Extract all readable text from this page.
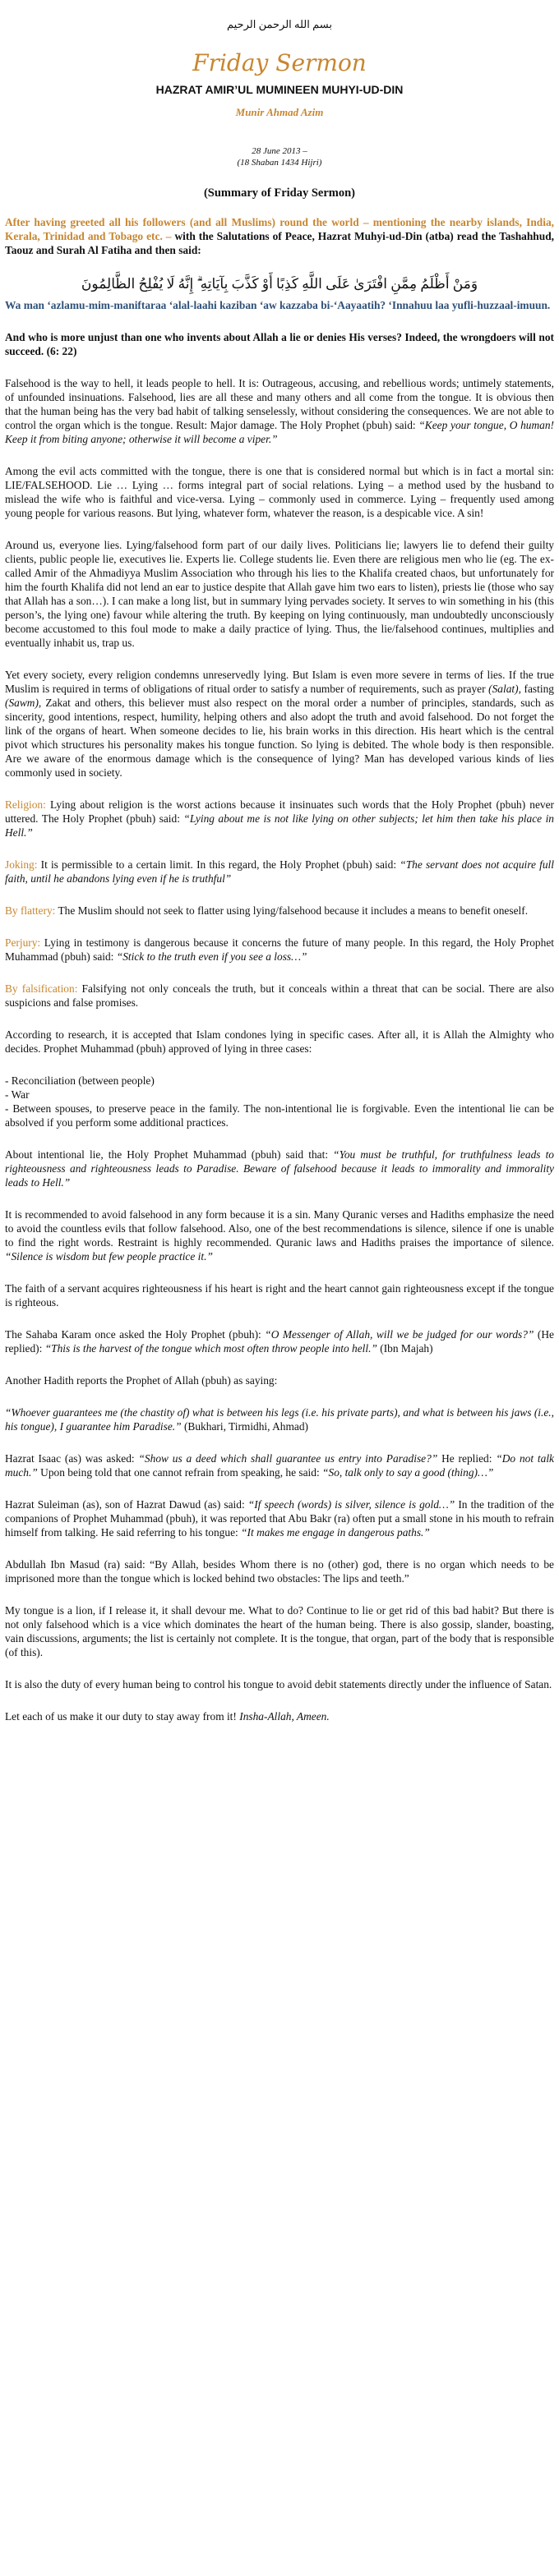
بسم الله الرحمن الرحيم
Friday Sermon
HAZRAT AMIR’UL MUMINEEN MUHYI-UD-DIN
Munir Ahmad Azim
28 June 2013 –
(18 Shaban 1434 Hijri)
(Summary of Friday Sermon)

After having greeted all his followers (and all Muslims) round the world – mentioning the nearby islands, India, Kerala, Trinidad and Tobago etc. – with the Salutations of Peace, Hazrat Muhyi-ud-Din (atba) read the Tashahhud, Taouz and Surah Al Fatiha and then said:

وَمَنْ أَظْلَمُ مِمَّنِ افْتَرَىٰ عَلَى اللَّهِ كَذِبًا أَوْ كَذَّبَ بِآيَاتِهِ ۗ إِنَّهُ لَا يُفْلِحُ الظَّالِمُونَ
Wa man ‘azlamu-mim-maniftaraa ‘alal-laahi kaziban ‘aw kazzaba bi-‘Aayaatih? ‘Innahuu laa yufli-huzzaal-imuun.

And who is more unjust than one who invents about Allah a lie or denies His verses? Indeed, the wrongdoers will not succeed. (6: 22)

Falsehood is the way to hell, it leads people to hell. It is: Outrageous, accusing, and rebellious words; untimely statements, of unfounded insinuations. Falsehood, lies are all these and many others and all come from the tongue. It is obvious then that the human being has the very bad habit of talking senselessly, without considering the consequences. We are not able to control the organ which is the tongue. Result: Major damage. The Holy Prophet (pbuh) said: “Keep your tongue, O human! Keep it from biting anyone; otherwise it will become a viper.”

Among the evil acts committed with the tongue, there is one that is considered normal but which is in fact a mortal sin: LIE/FALSEHOOD. Lie … Lying … forms integral part of social relations. Lying – a method used by the husband to mislead the wife who is faithful and vice-versa. Lying – commonly used in commerce. Lying – frequently used among young people for various reasons. But lying, whatever form, whatever the reason, is a despicable vice. A sin!

Around us, everyone lies. Lying/falsehood form part of our daily lives. Politicians lie; lawyers lie to defend their guilty clients, public people lie, executives lie. Experts lie. College students lie. Even there are religious men who lie (eg. The ex-called Amir of the Ahmadiyya Muslim Association who through his lies to the Khalifa created chaos, but unfortunately for him the fourth Khalifa did not lend an ear to justice despite that Allah gave him two ears to listen), priests lie (those who say that Allah has a son…). I can make a long list, but in summary lying pervades society. It serves to win something in his (this person’s, the lying one) favour while altering the truth. By keeping on lying continuously, man undoubtedly unconsciously become accustomed to this foul mode to make a daily practice of lying. Thus, the lie/falsehood continues, multiplies and eventually inhabit us, trap us.

Yet every society, every religion condemns unreservedly lying. But Islam is even more severe in terms of lies. If the true Muslim is required in terms of obligations of ritual order to satisfy a number of requirements, such as prayer (Salat), fasting (Sawm), Zakat and others, this believer must also respect on the moral order a number of principles, standards, such as sincerity, good intentions, respect, humility, helping others and also adopt the truth and avoid falsehood. Do not forget the link of the organs of heart. When someone decides to lie, his brain works in this direction. His heart which is the central pivot which structures his personality makes his tongue function. So lying is debited. The whole body is then responsible. Are we aware of the enormous damage which is the consequence of lying? Man has developed various kinds of lies commonly used in society.

Religion: Lying about religion is the worst actions because it insinuates such words that the Holy Prophet (pbuh) never uttered. The Holy Prophet (pbuh) said: “Lying about me is not like lying on other subjects; let him then take his place in Hell.”

Joking: It is permissible to a certain limit. In this regard, the Holy Prophet (pbuh) said: “The servant does not acquire full faith, until he abandons lying even if he is truthful”

By flattery: The Muslim should not seek to flatter using lying/falsehood because it includes a means to benefit oneself.

Perjury: Lying in testimony is dangerous because it concerns the future of many people. In this regard, the Holy Prophet Muhammad (pbuh) said: “Stick to the truth even if you see a loss…”

By falsification: Falsifying not only conceals the truth, but it conceals within a threat that can be social. There are also suspicions and false promises.

According to research, it is accepted that Islam condones lying in specific cases. After all, it is Allah the Almighty who decides. Prophet Muhammad (pbuh) approved of lying in three cases:

- Reconciliation (between people)

- War

- Between spouses, to preserve peace in the family. The non-intentional lie is forgivable. Even the intentional lie can be absolved if you perform some additional practices.

About intentional lie, the Holy Prophet Muhammad (pbuh) said that: “You must be truthful, for truthfulness leads to righteousness and righteousness leads to Paradise. Beware of falsehood because it leads to immorality and immorality leads to Hell.”

It is recommended to avoid falsehood in any form because it is a sin. Many Quranic verses and Hadiths emphasize the need to avoid the countless evils that follow falsehood. Also, one of the best recommendations is silence, silence if one is unable to find the right words. Restraint is highly recommended. Quranic laws and Hadiths praises the importance of silence. “Silence is wisdom but few people practice it.”

The faith of a servant acquires righteousness if his heart is right and the heart cannot gain righteousness except if the tongue is righteous.

The Sahaba Karam once asked the Holy Prophet (pbuh): “O Messenger of Allah, will we be judged for our words?” (He replied): “This is the harvest of the tongue which most often throw people into hell.” (Ibn Majah)

Another Hadith reports the Prophet of Allah (pbuh) as saying:

“Whoever guarantees me (the chastity of) what is between his legs (i.e. his private parts), and what is between his jaws (i.e., his tongue), I guarantee him Paradise.” (Bukhari, Tirmidhi, Ahmad)

Hazrat Isaac (as) was asked: “Show us a deed which shall guarantee us entry into Paradise?” He replied: “Do not talk much.” Upon being told that one cannot refrain from speaking, he said: “So, talk only to say a good (thing)…”

Hazrat Suleiman (as), son of Hazrat Dawud (as) said: “If speech (words) is silver, silence is gold…” In the tradition of the companions of Prophet Muhammad (pbuh), it was reported that Abu Bakr (ra) often put a small stone in his mouth to refrain himself from talking. He said referring to his tongue: “It makes me engage in dangerous paths.”

Abdullah Ibn Masud (ra) said: “By Allah, besides Whom there is no (other) god, there is no organ which needs to be imprisoned more than the tongue which is locked behind two obstacles: The lips and teeth.”

My tongue is a lion, if I release it, it shall devour me. What to do? Continue to lie or get rid of this bad habit? But there is not only falsehood which is a vice which dominates the heart of the human being. There is also gossip, slander, boasting, vain discussions, arguments; the list is certainly not complete. It is the tongue, that organ, part of the body that is responsible (of this).

It is also the duty of every human being to control his tongue to avoid debit statements directly under the influence of Satan.

Let each of us make it our duty to stay away from it! Insha-Allah, Ameen.
